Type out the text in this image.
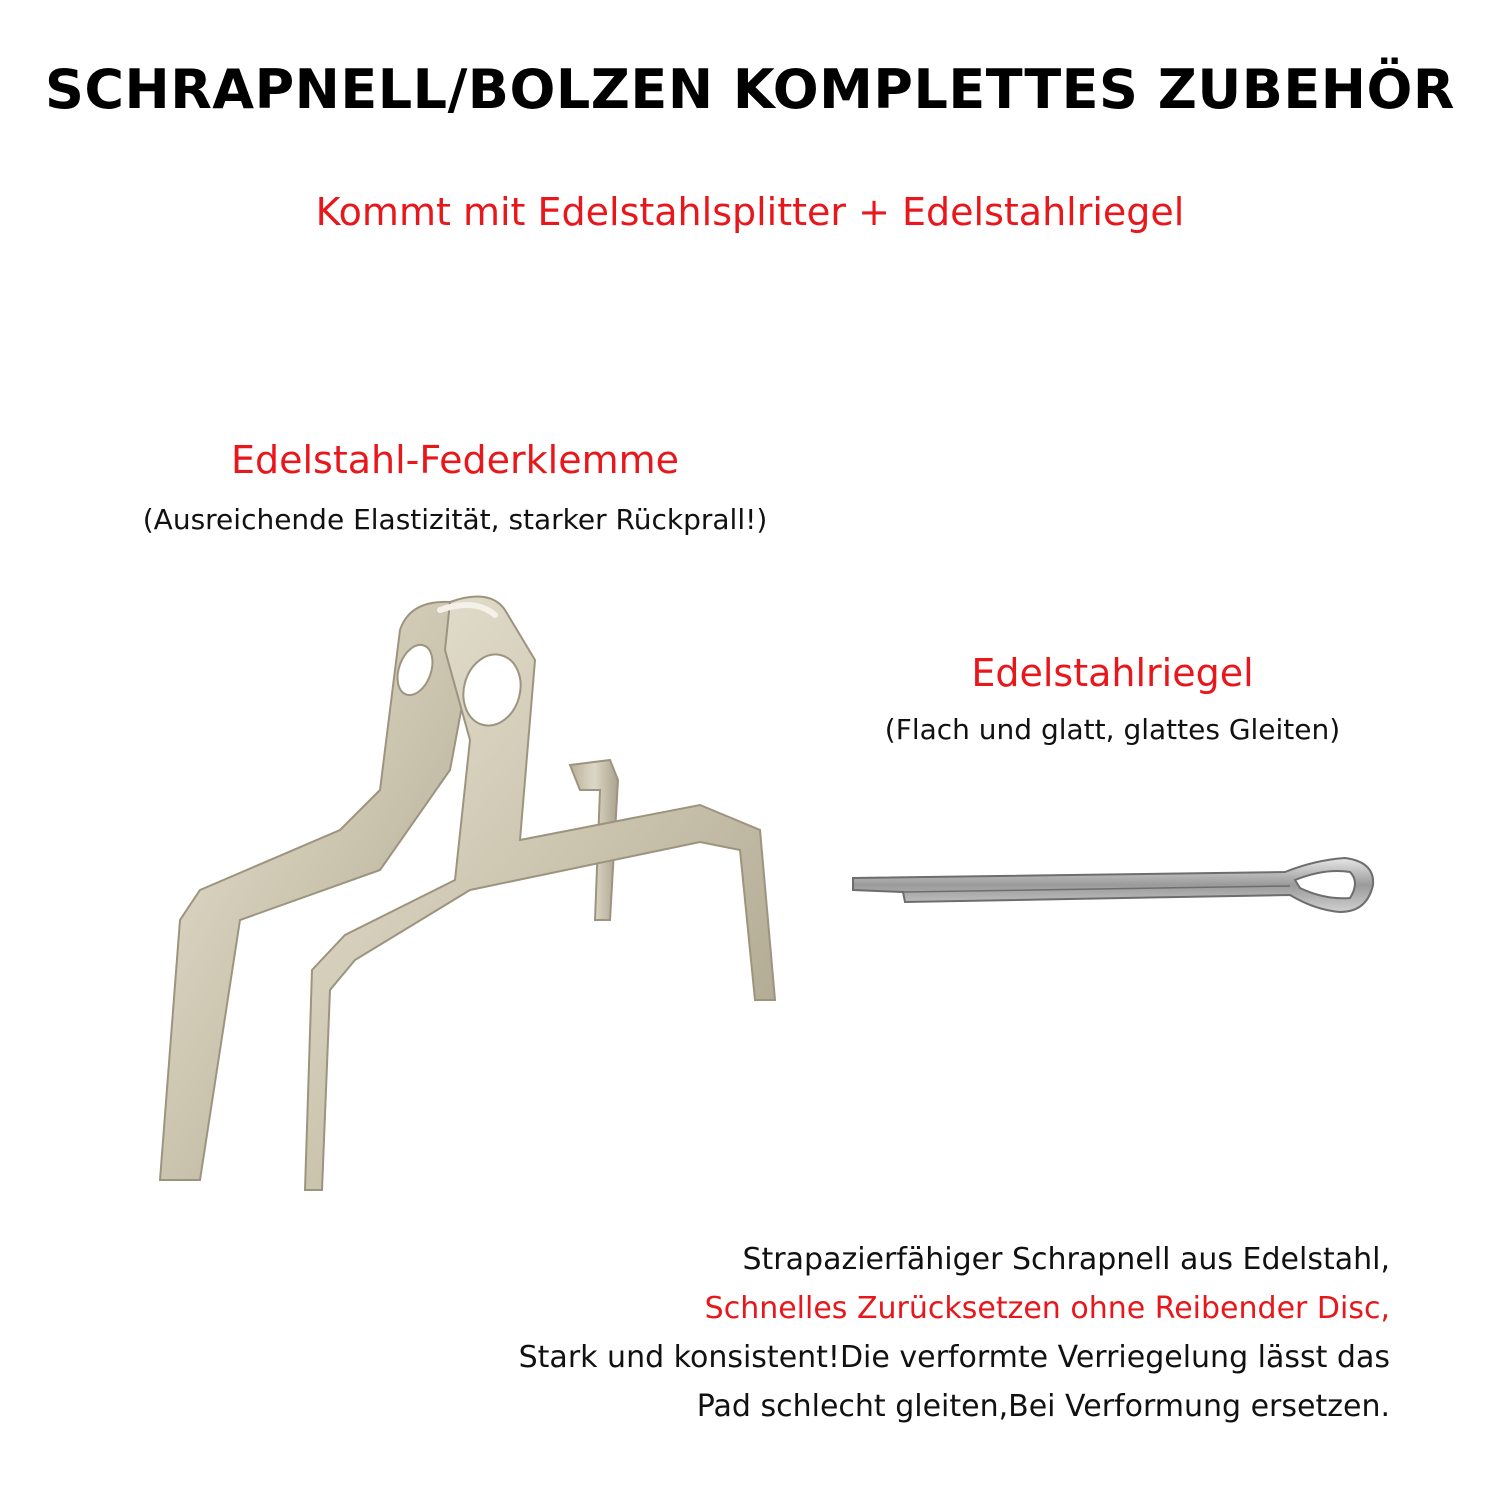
SCHRAPNELL/BOLZEN KOMPLETTES ZUBEHÖR
Kommt mit Edelstahlsplitter + Edelstahlriegel
Edelstahl-Federklemme
(Ausreichende Elastizität, starker Rückprall!)
Edelstahlriegel
(Flach und glatt, glattes Gleiten)
Strapazierfähiger Schrapnell aus Edelstahl,
Schnelles Zurücksetzen ohne Reibender Disc,
Stark und konsistent!Die verformte Verriegelung lässt das
Pad schlecht gleiten,Bei Verformung ersetzen.
